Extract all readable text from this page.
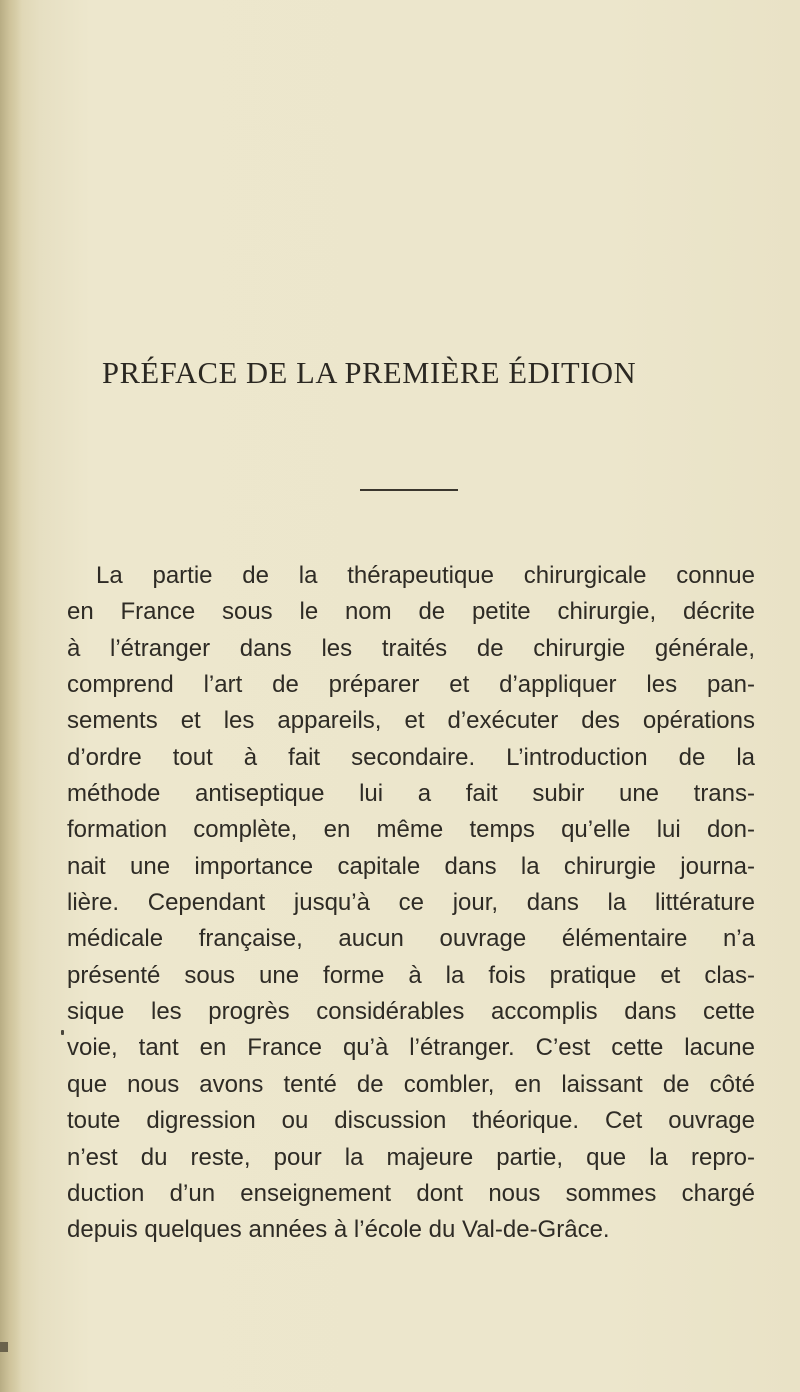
PRÉFACE DE LA PREMIÈRE ÉDITION
La partie de la thérapeutique chirurgicale connue
en France sous le nom de petite chirurgie, décrite
à l’étranger dans les traités de chirurgie générale,
comprend l’art de préparer et d’appliquer les pan-
sements et les appareils, et d’exécuter des opérations
d’ordre tout à fait secondaire. L’introduction de la
méthode antiseptique lui a fait subir une trans-
formation complète, en même temps qu’elle lui don-
nait une importance capitale dans la chirurgie journa-
lière. Cependant jusqu’à ce jour, dans la littérature
médicale française, aucun ouvrage élémentaire n’a
présenté sous une forme à la fois pratique et clas-
sique les progrès considérables accomplis dans cette
voie, tant en France qu’à l’étranger. C’est cette lacune
que nous avons tenté de combler, en laissant de côté
toute digression ou discussion théorique. Cet ouvrage
n’est du reste, pour la majeure partie, que la repro-
duction d’un enseignement dont nous sommes chargé
depuis quelques années à l’école du Val-de-Grâce.
